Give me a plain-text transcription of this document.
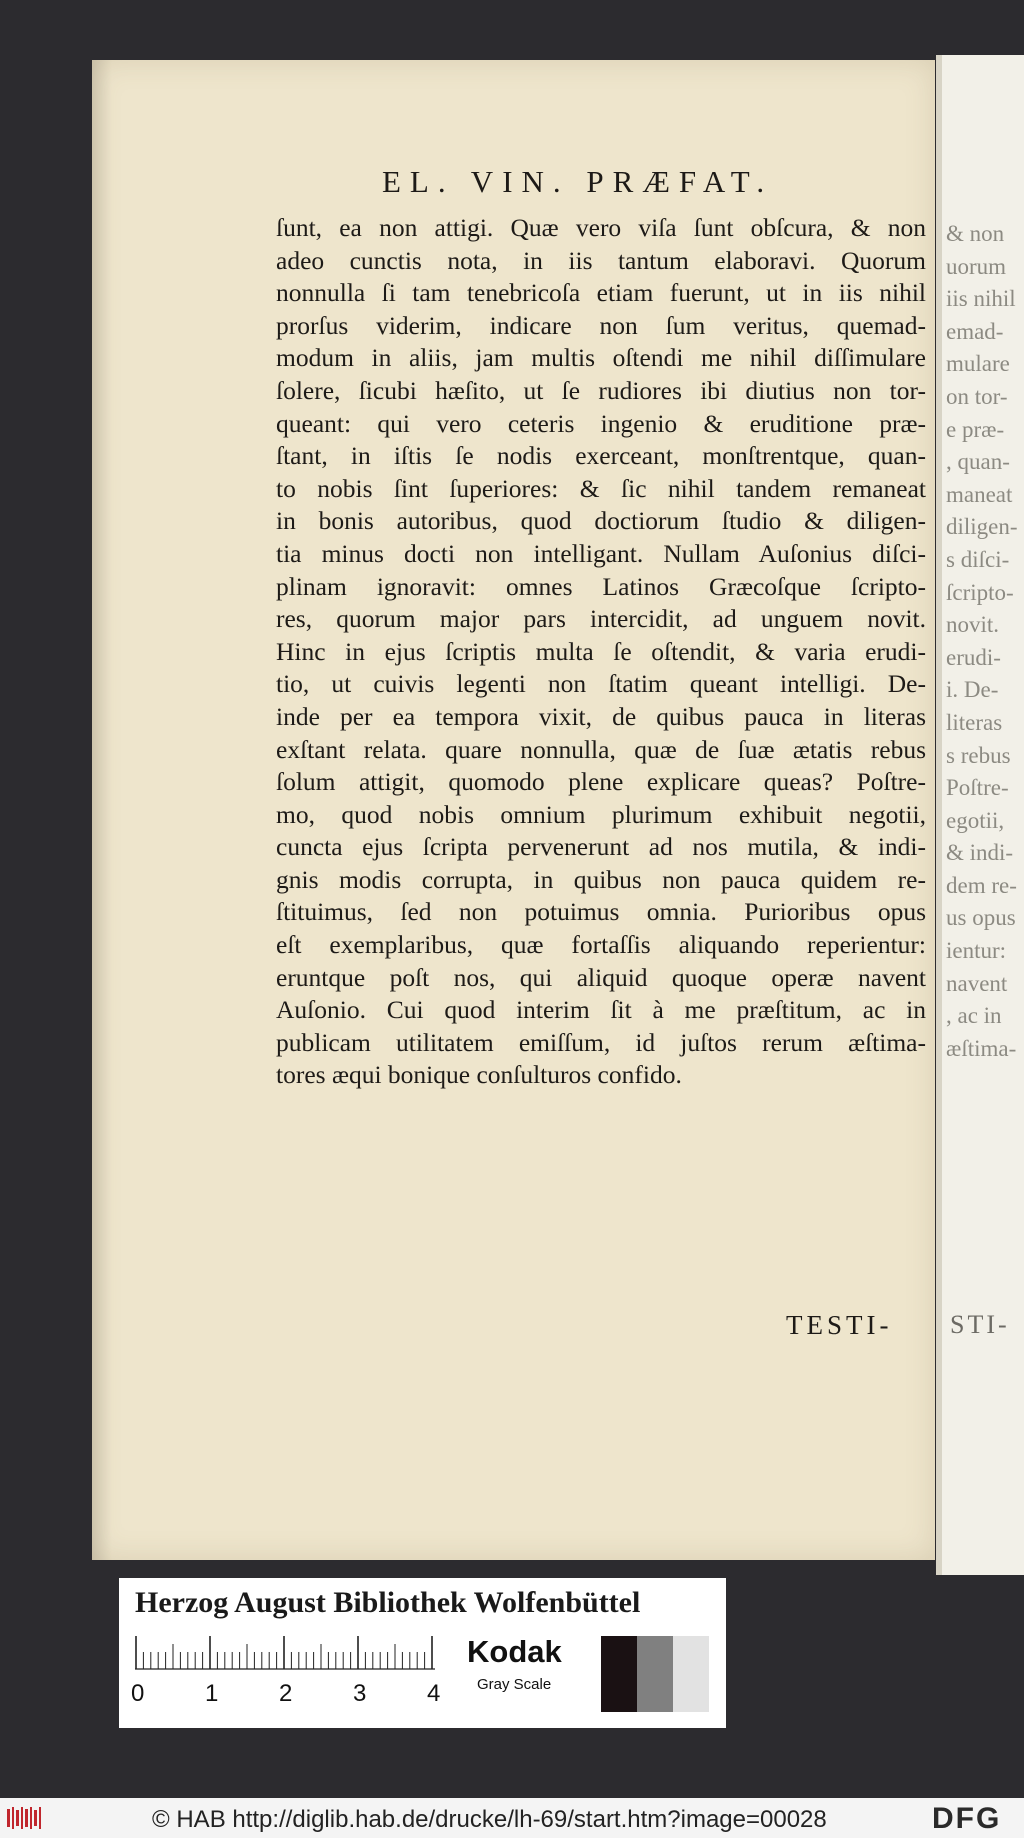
& non
uorum
iis nihil
emad-
mulare
on tor-
e præ-
, quan-
maneat
diligen-
s diſci-
ſcripto-
novit.
erudi-
i. De-
literas
s rebus
Poſtre-
egotii,
& indi-
dem re-
us opus
ientur:
navent
, ac in
æſtima-
STI-
EL. VIN. PRÆFAT.
ſunt, ea non attigi. Quæ vero viſa ſunt obſcura, & non
adeo cunctis nota, in iis tantum elaboravi. Quorum
nonnulla ſi tam tenebricoſa etiam fuerunt, ut in iis nihil
prorſus viderim, indicare non ſum veritus, quemad-
modum in aliis, jam multis oſtendi me nihil diſſimulare
ſolere, ſicubi hæſito, ut ſe rudiores ibi diutius non tor-
queant: qui vero ceteris ingenio & eruditione præ-
ſtant, in iſtis ſe nodis exerceant, monſtrentque, quan-
to nobis ſint ſuperiores: & ſic nihil tandem remaneat
in bonis autoribus, quod doctiorum ſtudio & diligen-
tia minus docti non intelligant. Nullam Auſonius diſci-
plinam ignoravit: omnes Latinos Græcoſque ſcripto-
res, quorum major pars intercidit, ad unguem novit.
Hinc in ejus ſcriptis multa ſe oſtendit, & varia erudi-
tio, ut cuivis legenti non ſtatim queant intelligi. De-
inde per ea tempora vixit, de quibus pauca in literas
exſtant relata. quare nonnulla, quæ de ſuæ ætatis rebus
ſolum attigit, quomodo plene explicare queas? Poſtre-
mo, quod nobis omnium plurimum exhibuit negotii,
cuncta ejus ſcripta pervenerunt ad nos mutila, & indi-
gnis modis corrupta, in quibus non pauca quidem re-
ſtituimus, ſed non potuimus omnia. Purioribus opus
eſt exemplaribus, quæ fortaſſis aliquando reperientur:
eruntque poſt nos, qui aliquid quoque operæ navent
Auſonio. Cui quod interim ſit à me præſtitum, ac in
publicam utilitatem emiſſum, id juſtos rerum æſtima-
tores æqui bonique conſulturos confido.
TESTI-
Herzog August Bibliothek Wolfenbüttel
0	1	2	3	4
Kodak
Gray Scale
© HAB http://diglib.hab.de/drucke/lh-69/start.htm?image=00028	DFG
